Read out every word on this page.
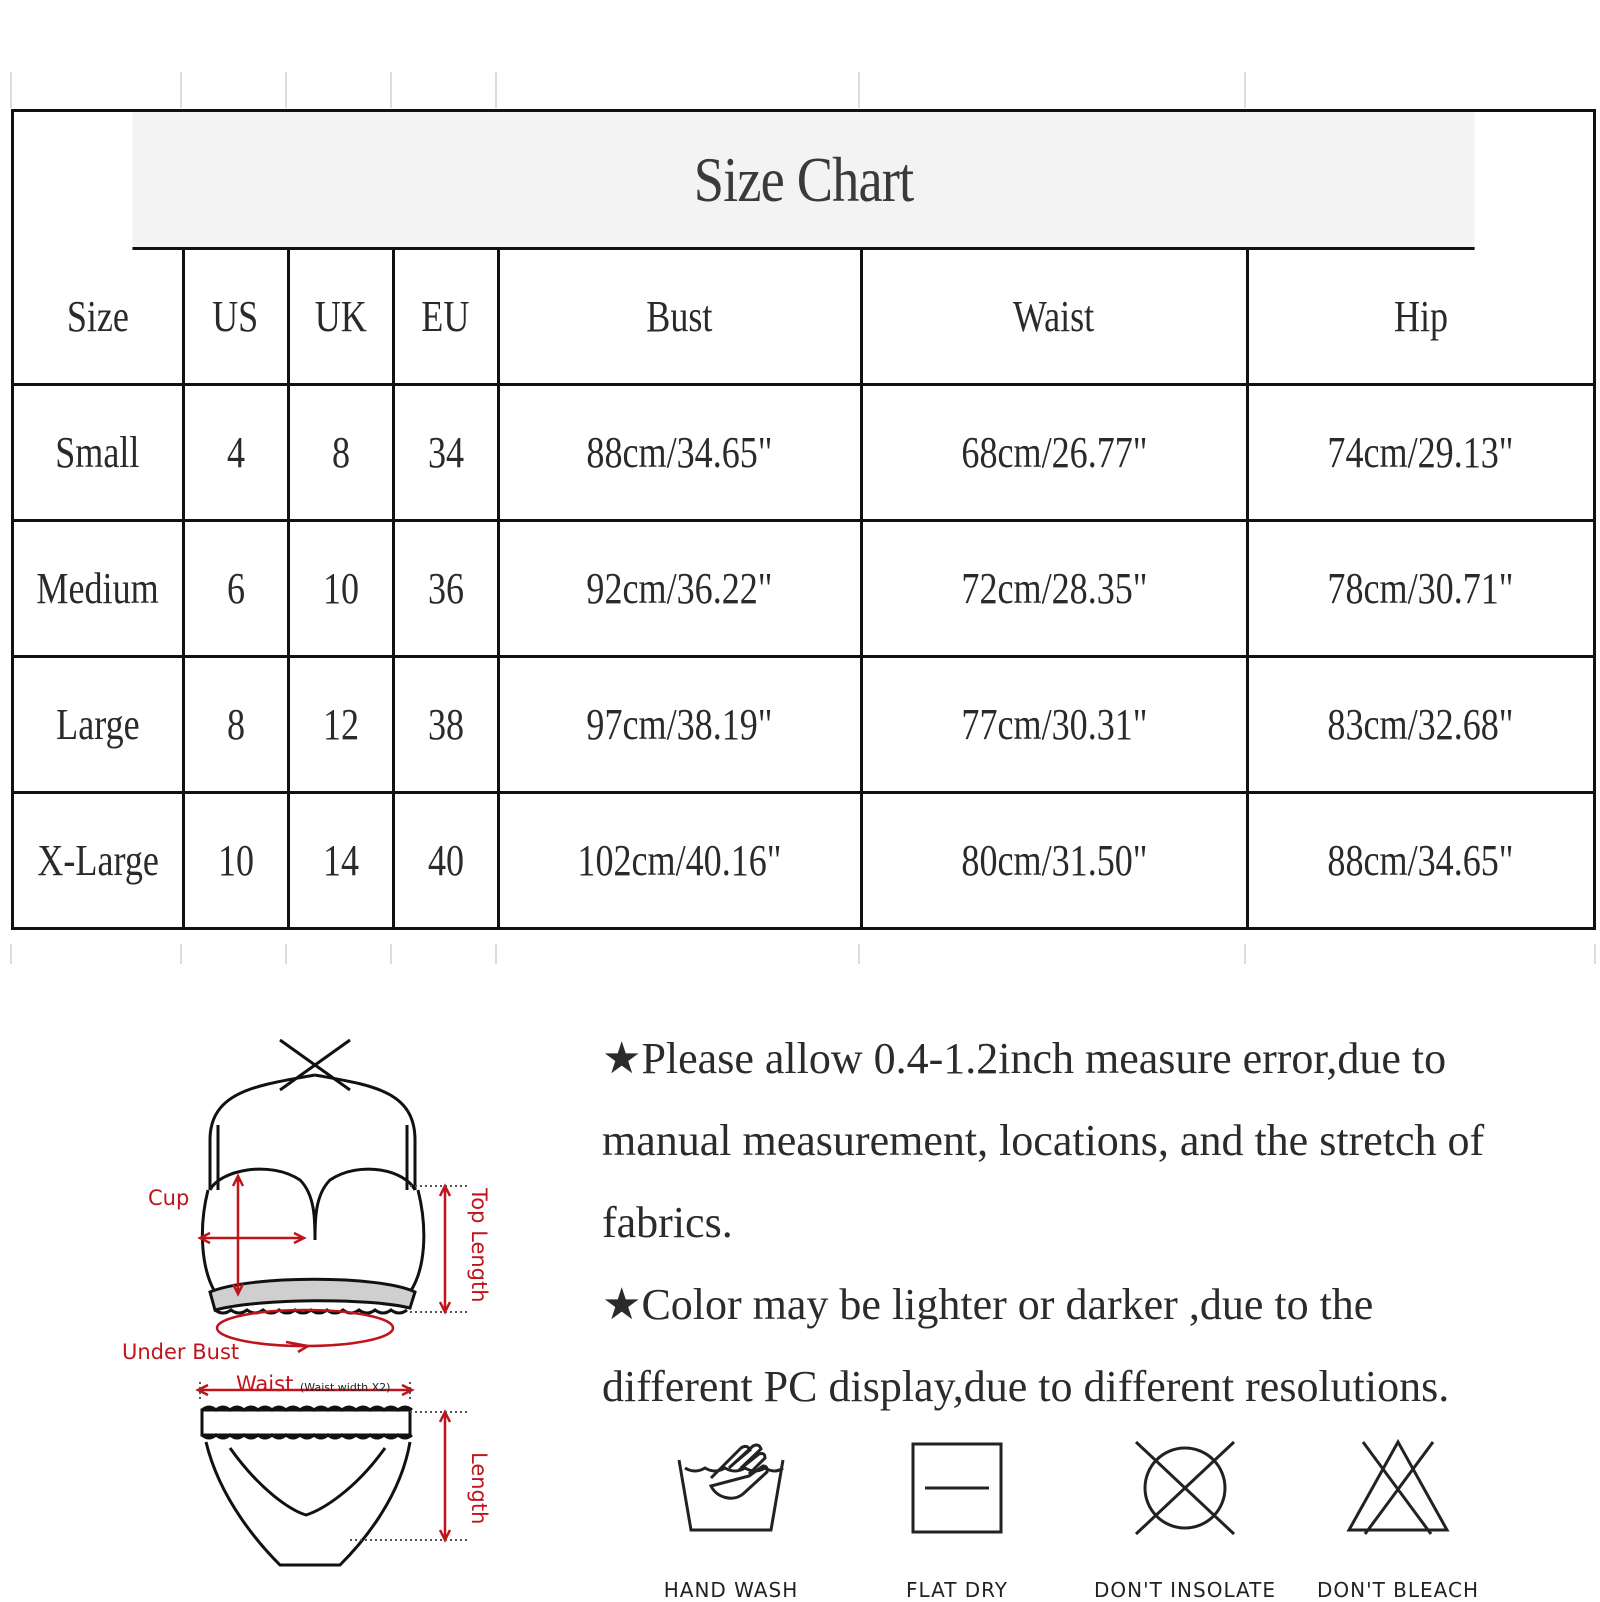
Size Chart
Size	US	UK	EU	Bust	Waist	Hip
Small	4	8	34	88cm/34.65"	68cm/26.77"	74cm/29.13"
Medium	6	10	36	92cm/36.22"	72cm/28.35"	78cm/30.71"
Large	8	12	38	97cm/38.19"	77cm/30.31"	83cm/32.68"
X-Large	10	14	40	102cm/40.16"	80cm/31.50"	88cm/34.65"
Cup	Top Length
Under Bust
Waist (Waist width X2)
Length

★Please allow 0.4-1.2inch measure error,due to

manual measurement, locations, and the stretch of

fabrics.

★Color may be lighter or darker ,due to the

different PC display,due to different resolutions.

HAND WASH	FLAT DRY	DON'T INSOLATE	DON'T BLEACH
